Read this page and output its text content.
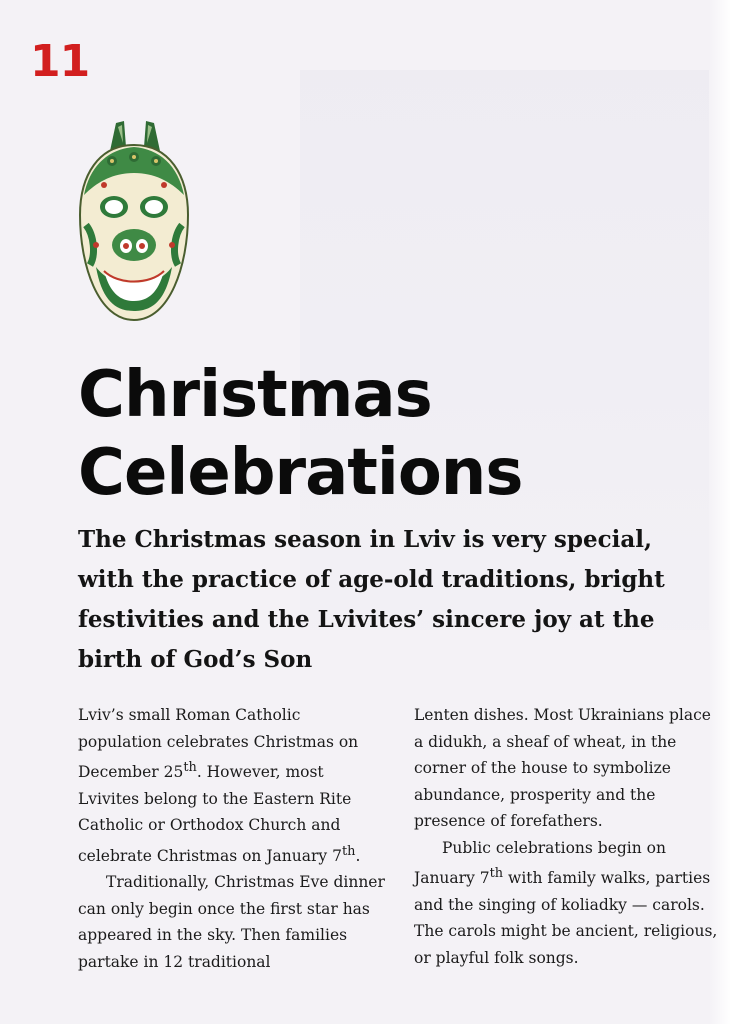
11
Christmas
Celebrations

The Christmas season in Lviv is very special, with the practice of age-old traditions, bright festivities and the Lvivites’ sincere joy at the birth of God’s Son

Lviv’s small Roman Catholic population celebrates Christmas on December 25th. However, most Lvivites belong to the Eastern Rite Catholic or Orthodox Church and celebrate Christmas on January 7th.

Traditionally, Christmas Eve dinner can only begin once the first star has appeared in the sky. Then families partake in 12 traditional

Lenten dishes. Most Ukrainians place a didukh, a sheaf of wheat, in the corner of the house to symbolize abundance, prosperity and the presence of forefathers.

Public celebrations begin on January 7th with family walks, parties and the singing of koliadky — carols. The carols might be ancient, religious, or playful folk songs.
